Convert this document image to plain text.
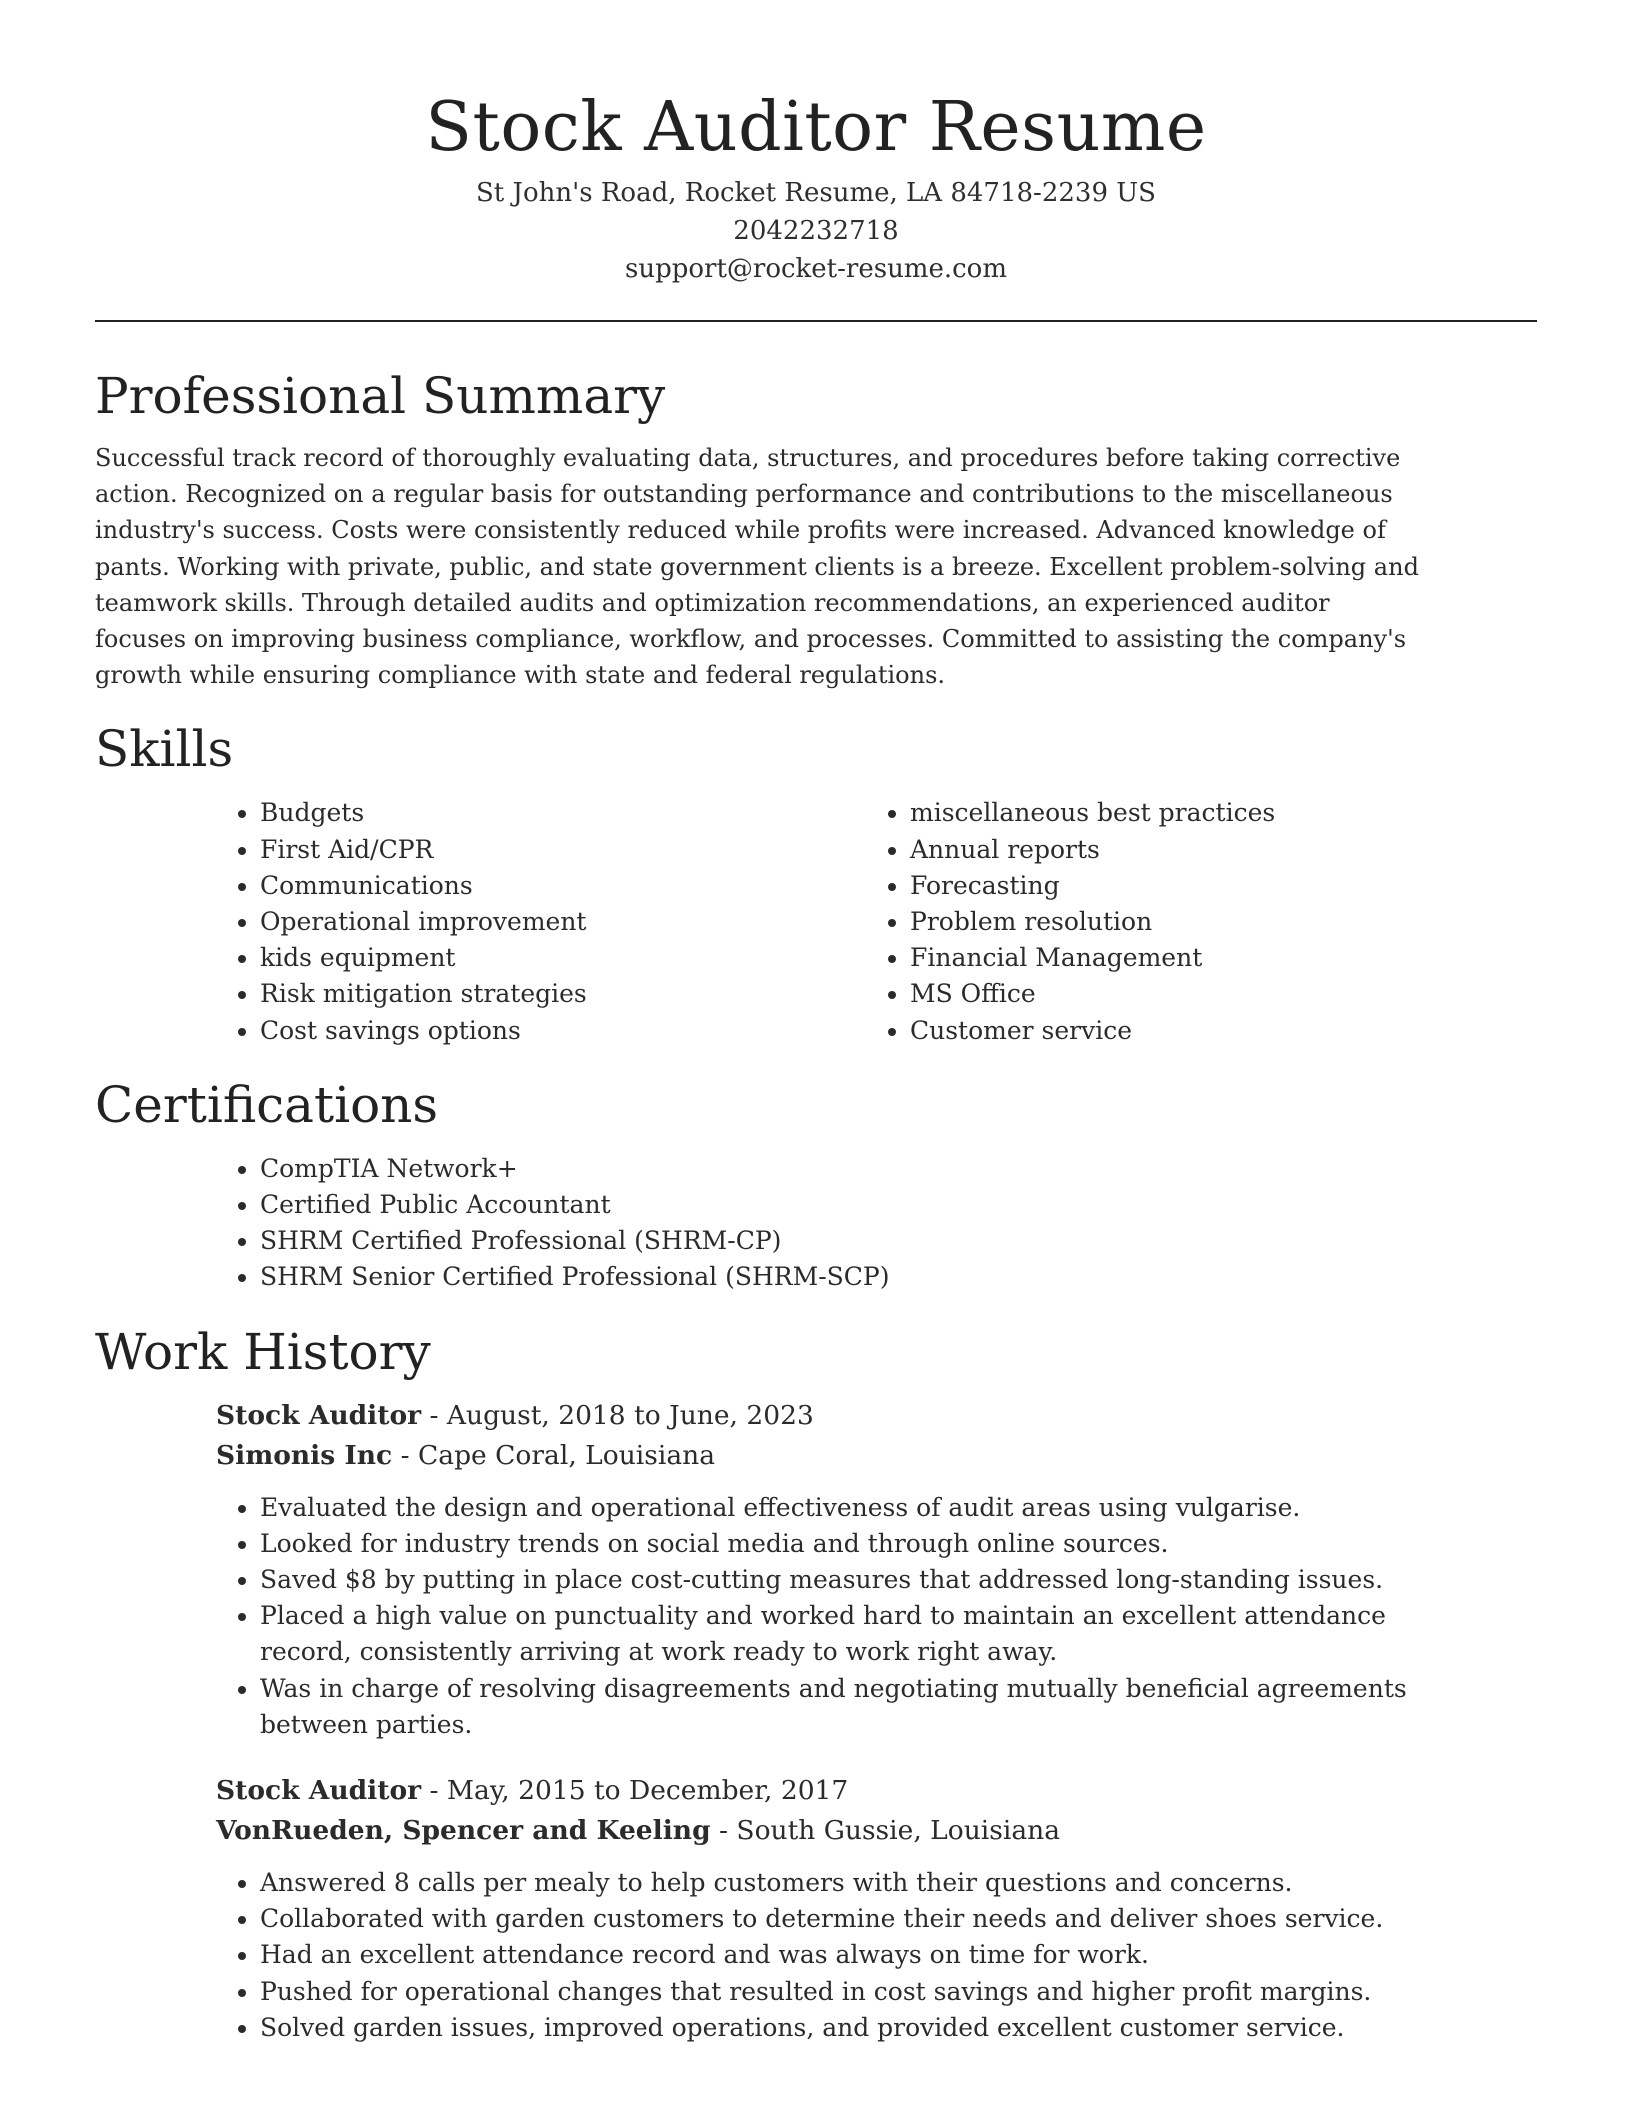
Stock Auditor Resume
St John's Road, Rocket Resume, LA 84718-2239 US
2042232718
support@rocket-resume.com
Professional Summary

Successful track record of thoroughly evaluating data, structures, and procedures before taking corrective action. Recognized on a regular basis for outstanding performance and contributions to the miscellaneous industry's success. Costs were consistently reduced while profits were increased. Advanced knowledge of pants. Working with private, public, and state government clients is a breeze. Excellent problem-solving and teamwork skills. Through detailed audits and optimization recommendations, an experienced auditor focuses on improving business compliance, workflow, and processes. Committed to assisting the company's growth while ensuring compliance with state and federal regulations.

Skills
• Budgets
• First Aid/CPR
• Communications
• Operational improvement
• kids equipment
• Risk mitigation strategies
• Cost savings options
• miscellaneous best practices
• Annual reports
• Forecasting
• Problem resolution
• Financial Management
• MS Office
• Customer service
Certifications
• CompTIA Network+
• Certified Public Accountant
• SHRM Certified Professional (SHRM-CP)
• SHRM Senior Certified Professional (SHRM-SCP)
Work History

Stock Auditor - August, 2018 to June, 2023

Simonis Inc - Cape Coral, Louisiana

• Evaluated the design and operational effectiveness of audit areas using vulgarise.
• Looked for industry trends on social media and through online sources.
• Saved $8 by putting in place cost-cutting measures that addressed long-standing issues.
• Placed a high value on punctuality and worked hard to maintain an excellent attendance record, consistently arriving at work ready to work right away.
• Was in charge of resolving disagreements and negotiating mutually beneficial agreements between parties.

Stock Auditor - May, 2015 to December, 2017

VonRueden, Spencer and Keeling - South Gussie, Louisiana

• Answered 8 calls per mealy to help customers with their questions and concerns.
• Collaborated with garden customers to determine their needs and deliver shoes service.
• Had an excellent attendance record and was always on time for work.
• Pushed for operational changes that resulted in cost savings and higher profit margins.
• Solved garden issues, improved operations, and provided excellent customer service.
